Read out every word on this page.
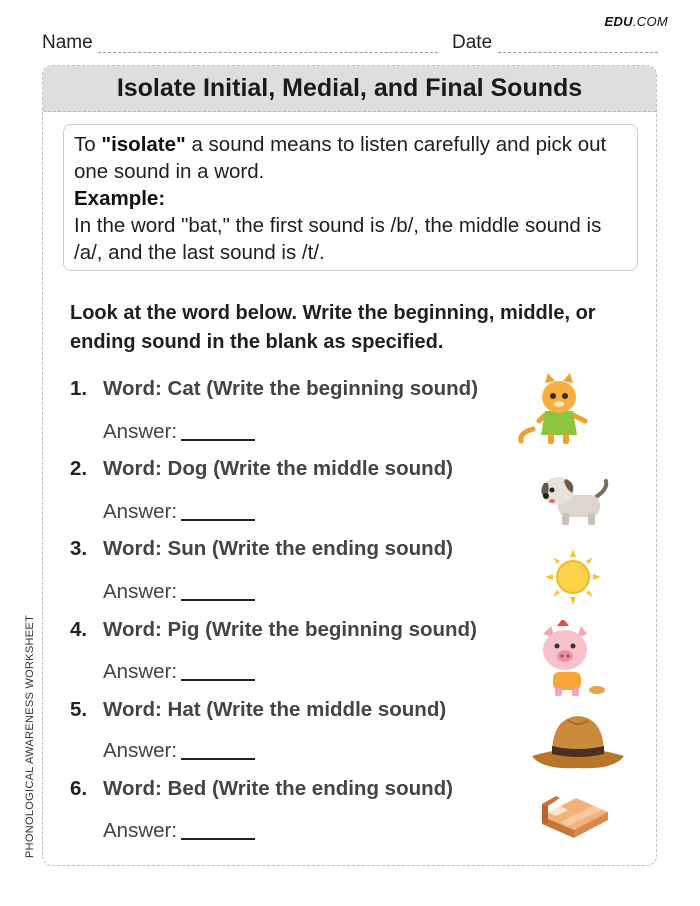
EDU.COM
Name	Date
Isolate Initial, Medial, and Final Sounds
To "isolate" a sound means to listen carefully and pick out one sound in a word.
Example:
In the word "bat," the first sound is /b/, the middle sound is /a/, and the last sound is /t/.
Look at the word below. Write the beginning, middle, or ending sound in the blank as specified.
1. Word: Cat (Write the beginning sound)
Answer:
2. Word: Dog (Write the middle sound)
Answer:
3. Word: Sun (Write the ending sound)
Answer:
4. Word: Pig (Write the beginning sound)
Answer:
5. Word: Hat (Write the middle sound)
Answer:
6. Word: Bed (Write the ending sound)
Answer:
PHONOLOGICAL AWARENESS WORKSHEET
